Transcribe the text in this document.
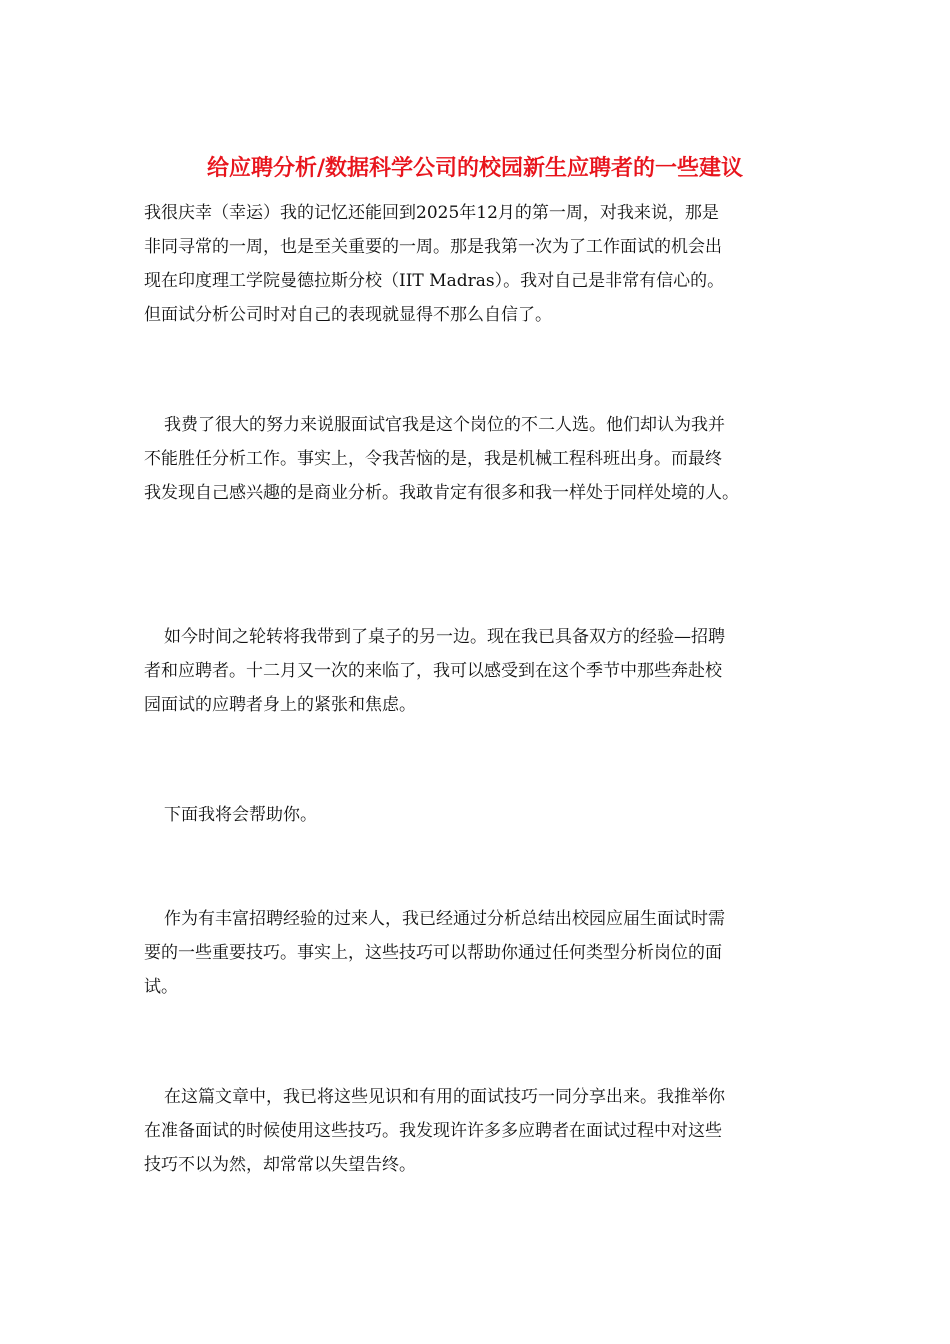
给应聘分析/数据科学公司的校园新生应聘者的一些建议
我很庆幸（幸运）我的记忆还能回到2025年12月的第一周，对我来说，那是
非同寻常的一周，也是至关重要的一周。那是我第一次为了工作面试的机会出
现在印度理工学院曼德拉斯分校（IIT Madras）。我对自己是非常有信心的。
但面试分析公司时对自己的表现就显得不那么自信了。
我费了很大的努力来说服面试官我是这个岗位的不二人选。他们却认为我并
不能胜任分析工作。事实上，令我苦恼的是，我是机械工程科班出身。而最终
我发现自己感兴趣的是商业分析。我敢肯定有很多和我一样处于同样处境的人。
如今时间之轮转将我带到了桌子的另一边。现在我已具备双方的经验—招聘
者和应聘者。十二月又一次的来临了，我可以感受到在这个季节中那些奔赴校
园面试的应聘者身上的紧张和焦虑。
下面我将会帮助你。
作为有丰富招聘经验的过来人，我已经通过分析总结出校园应届生面试时需
要的一些重要技巧。事实上，这些技巧可以帮助你通过任何类型分析岗位的面
试。
在这篇文章中，我已将这些见识和有用的面试技巧一同分享出来。我推举你
在准备面试的时候使用这些技巧。我发现许许多多应聘者在面试过程中对这些
技巧不以为然，却常常以失望告终。
